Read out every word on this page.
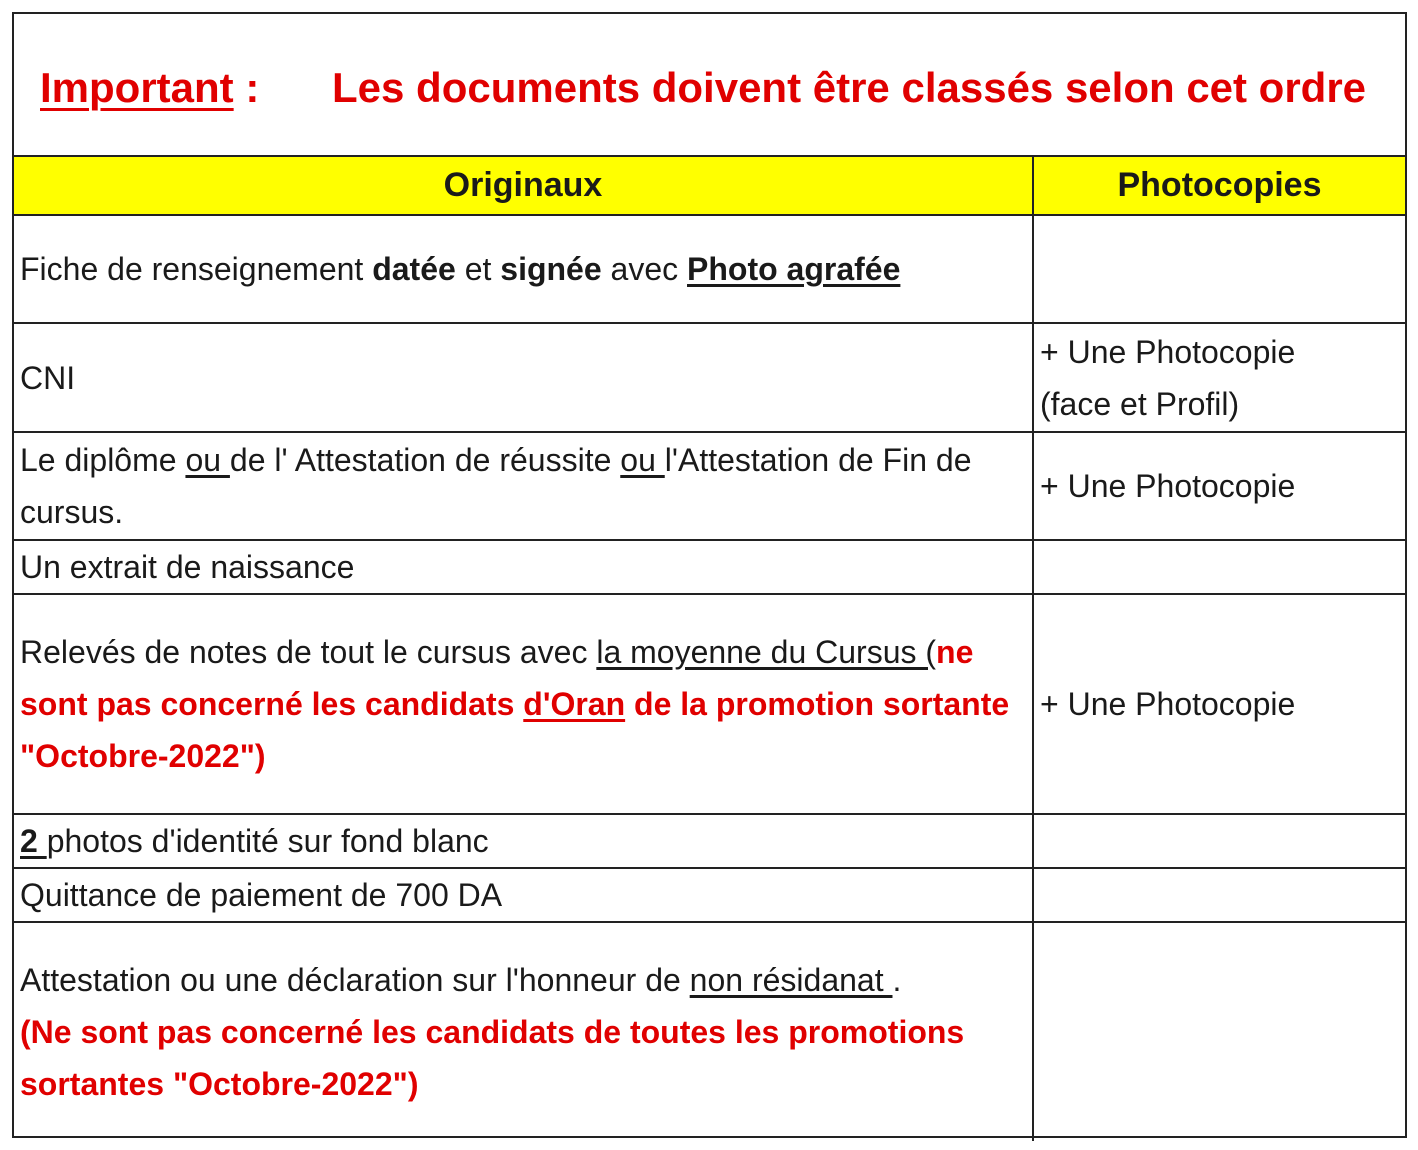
Important : Les documents doivent être classés selon cet ordre
Originaux	Photocopies
Fiche de renseignement datée et signée avec Photo agrafée	
CNI	+ Une Photocopie
(face et Profil)

Le diplôme ou de l' Attestation de réussite ou l'Attestation de Fin de cursus.	+ Une Photocopie
Un extrait de naissance	
Relevés de notes de tout le cursus avec la moyenne du Cursus (ne sont pas concerné les candidats d'Oran de la promotion sortante "Octobre-2022")	+ Une Photocopie
2 photos d'identité sur fond blanc	
Quittance de paiement de 700 DA	
Attestation ou une déclaration sur l'honneur de non résidanat .
(Ne sont pas concerné les candidats de toutes les promotions sortantes "Octobre-2022")	
